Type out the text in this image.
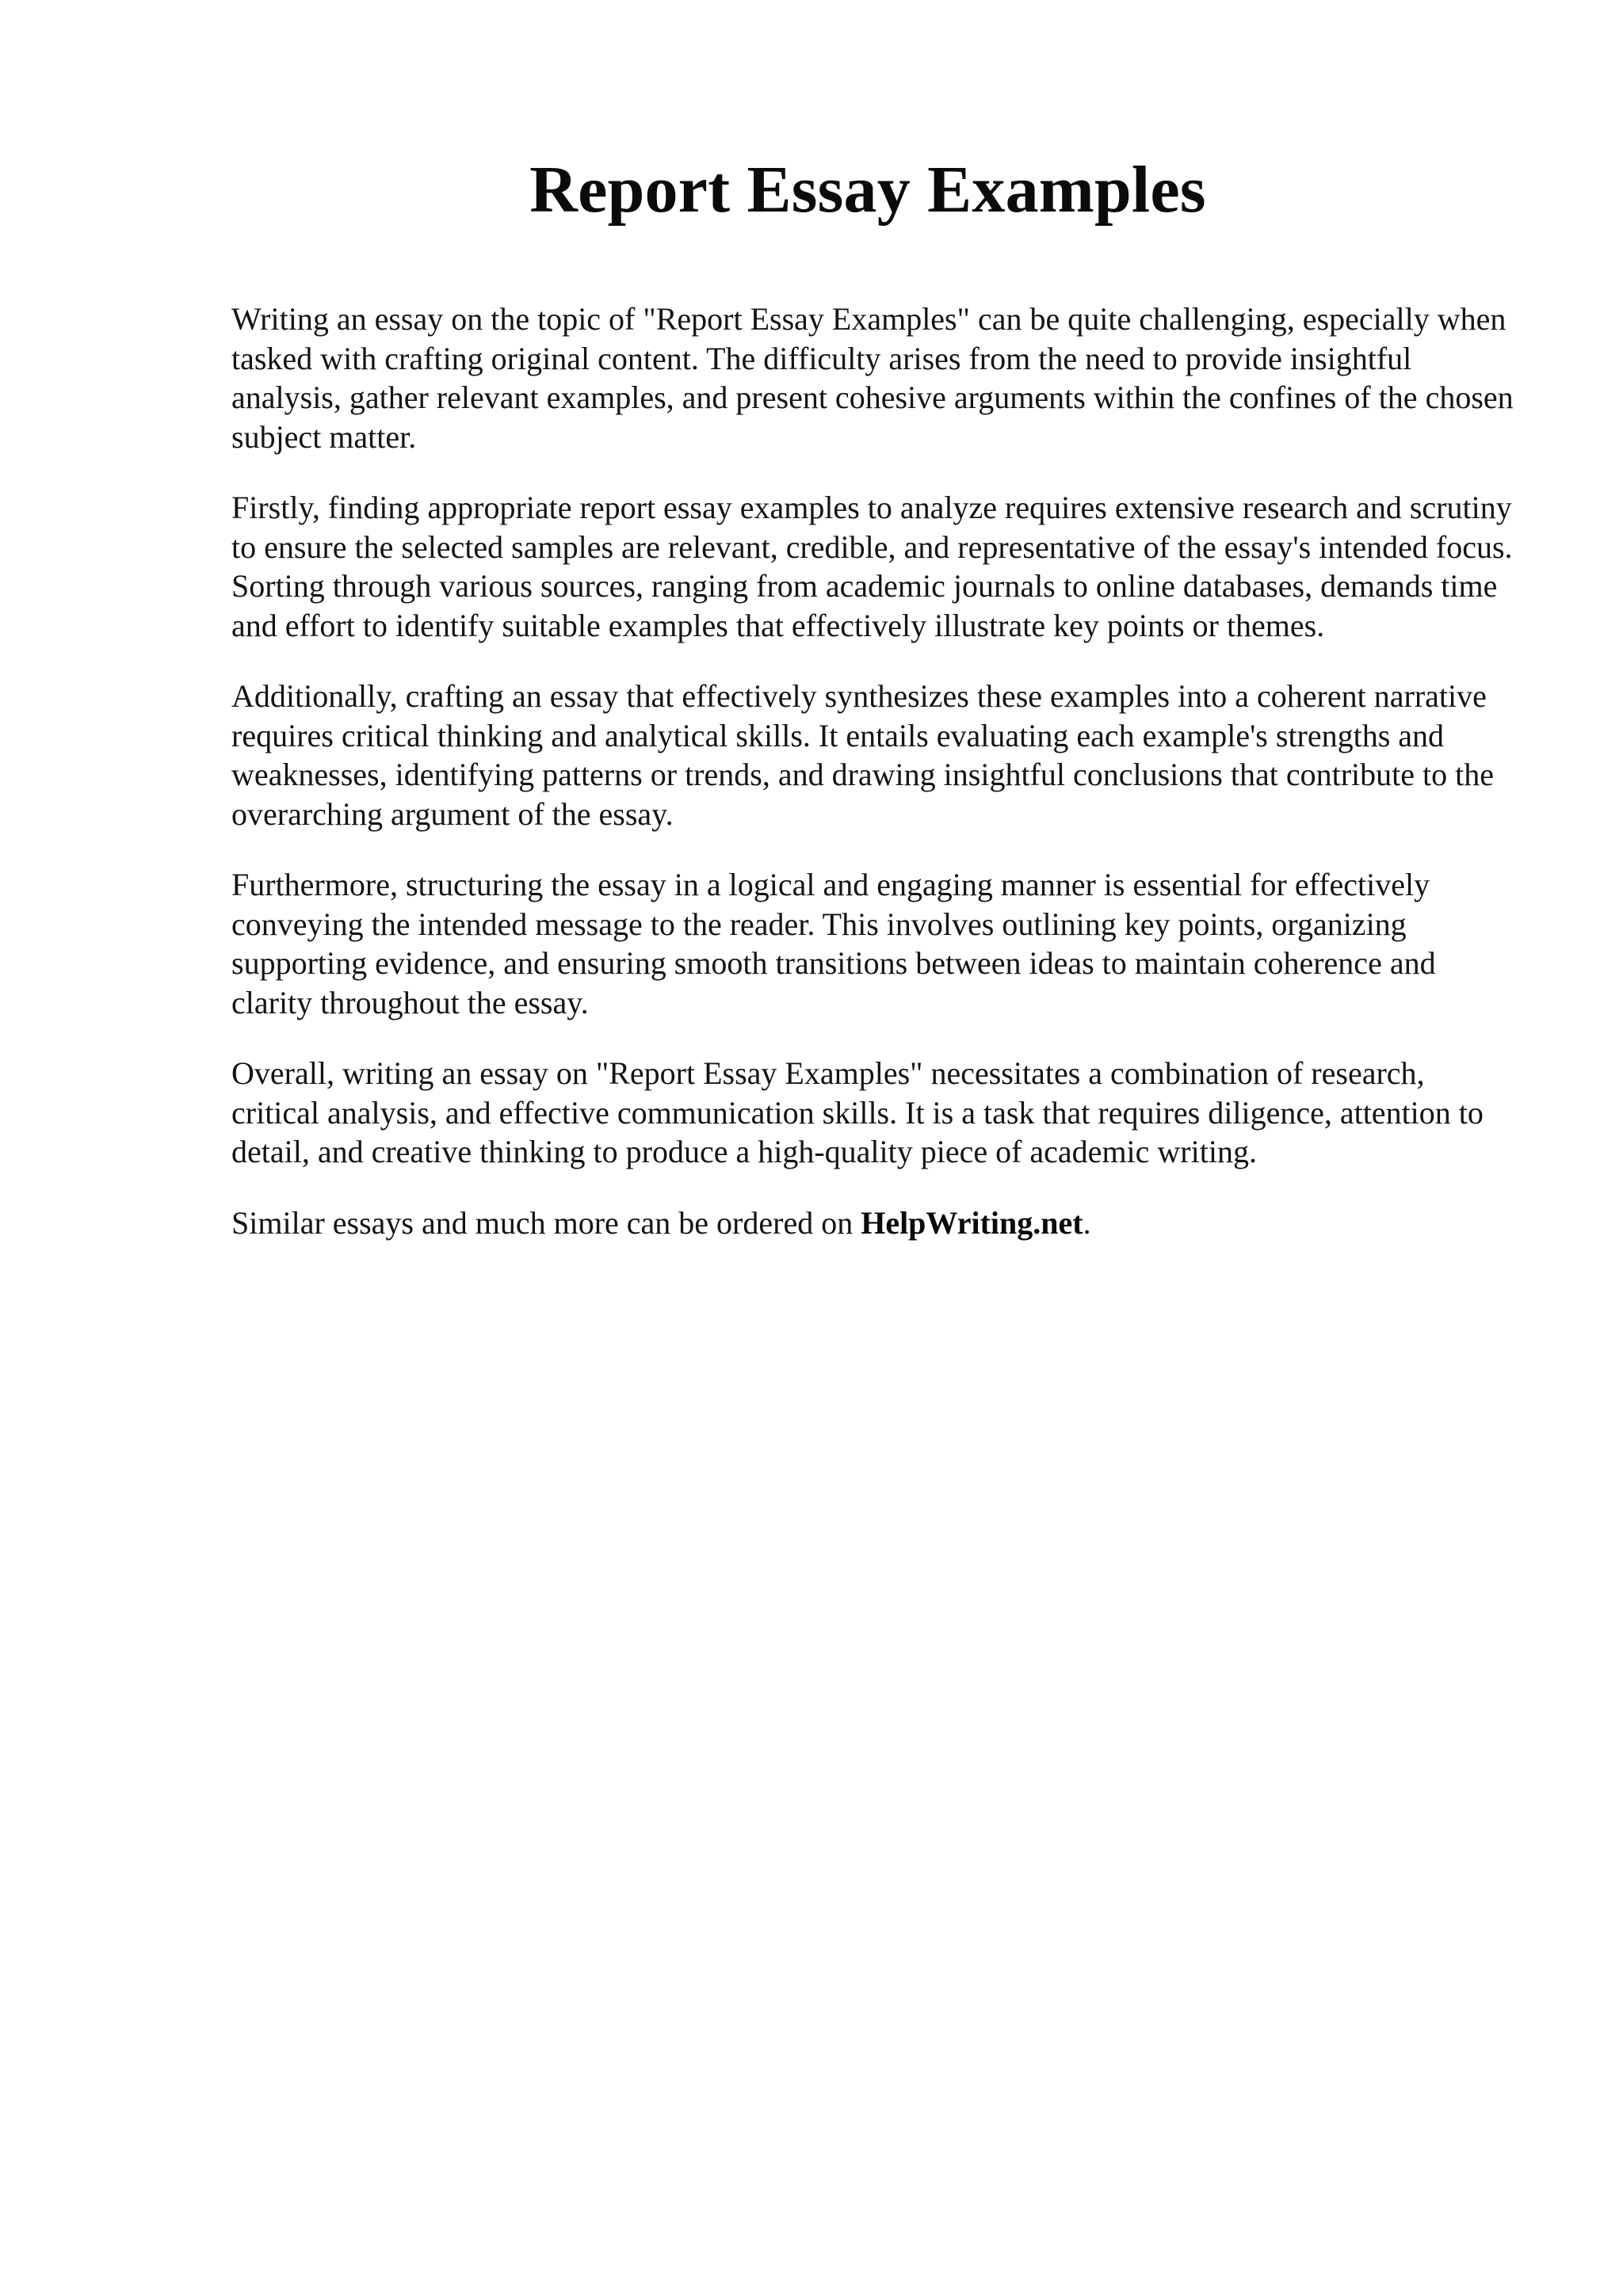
Report Essay Examples

Writing an essay on the topic of "Report Essay Examples" can be quite challenging, especially when tasked with crafting original content. The difficulty arises from the need to provide insightful analysis, gather relevant examples, and present cohesive arguments within the confines of the chosen subject matter.

Firstly, finding appropriate report essay examples to analyze requires extensive research and scrutiny to ensure the selected samples are relevant, credible, and representative of the essay's intended focus. Sorting through various sources, ranging from academic journals to online databases, demands time and effort to identify suitable examples that effectively illustrate key points or themes.

Additionally, crafting an essay that effectively synthesizes these examples into a coherent narrative requires critical thinking and analytical skills. It entails evaluating each example's strengths and weaknesses, identifying patterns or trends, and drawing insightful conclusions that contribute to the overarching argument of the essay.

Furthermore, structuring the essay in a logical and engaging manner is essential for effectively conveying the intended message to the reader. This involves outlining key points, organizing supporting evidence, and ensuring smooth transitions between ideas to maintain coherence and clarity throughout the essay.

Overall, writing an essay on "Report Essay Examples" necessitates a combination of research, critical analysis, and effective communication skills. It is a task that requires diligence, attention to detail, and creative thinking to produce a high-quality piece of academic writing.

Similar essays and much more can be ordered on HelpWriting.net.
